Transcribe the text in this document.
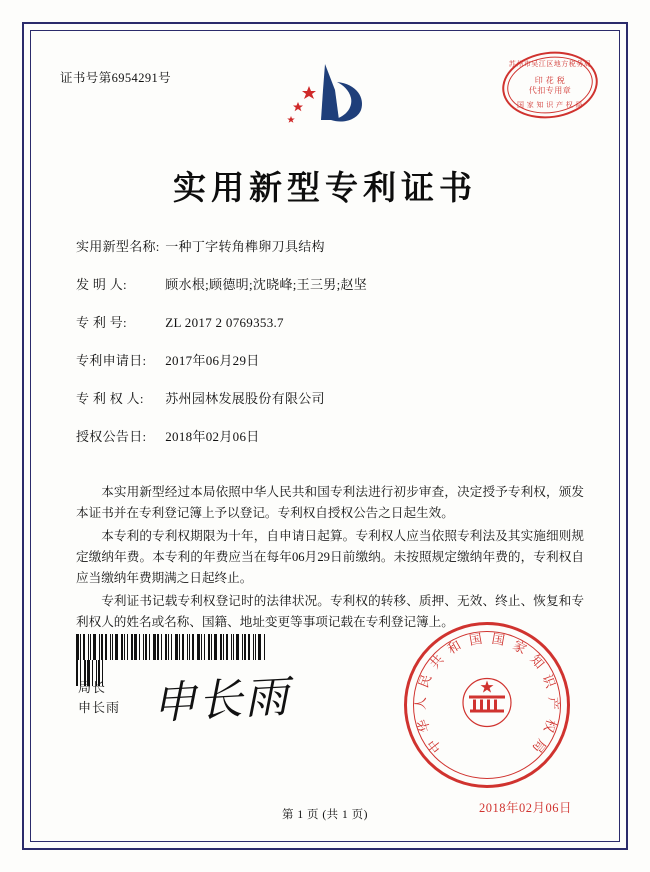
证书号第6954291号
苏州市吴江区地方税务局
印 花 税
代扣专用章
国 家 知 识 产 权 局
实用新型专利证书
实用新型名称: 一种丁字转角榫卵刀具结构
发 明 人:	顾水根;顾德明;沈晓峰;王三男;赵坚
专 利 号:	ZL 2017 2 0769353.7
专利申请日: 2017年06月29日
专 利 权 人: 苏州园林发展股份有限公司
授权公告日: 2018年02月06日

本实用新型经过本局依照中华人民共和国专利法进行初步审查，决定授予专利权，颁发本证书并在专利登记簿上予以登记。专利权自授权公告之日起生效。

本专利的专利权期限为十年，自申请日起算。专利权人应当依照专利法及其实施细则规定缴纳年费。本专利的年费应当在每年06月29日前缴纳。未按照规定缴纳年费的，专利权自应当缴纳年费期满之日起终止。

专利证书记载专利权登记时的法律状况。专利权的转移、质押、无效、终止、恢复和专利权人的姓名或名称、国籍、地址变更等事项记载在专利登记簿上。

申长雨
局长
申长雨
中
华
人
民
共
和 国 国 家
知
识
产
权
局
2018年02月06日
第 1 页 (共 1 页)
